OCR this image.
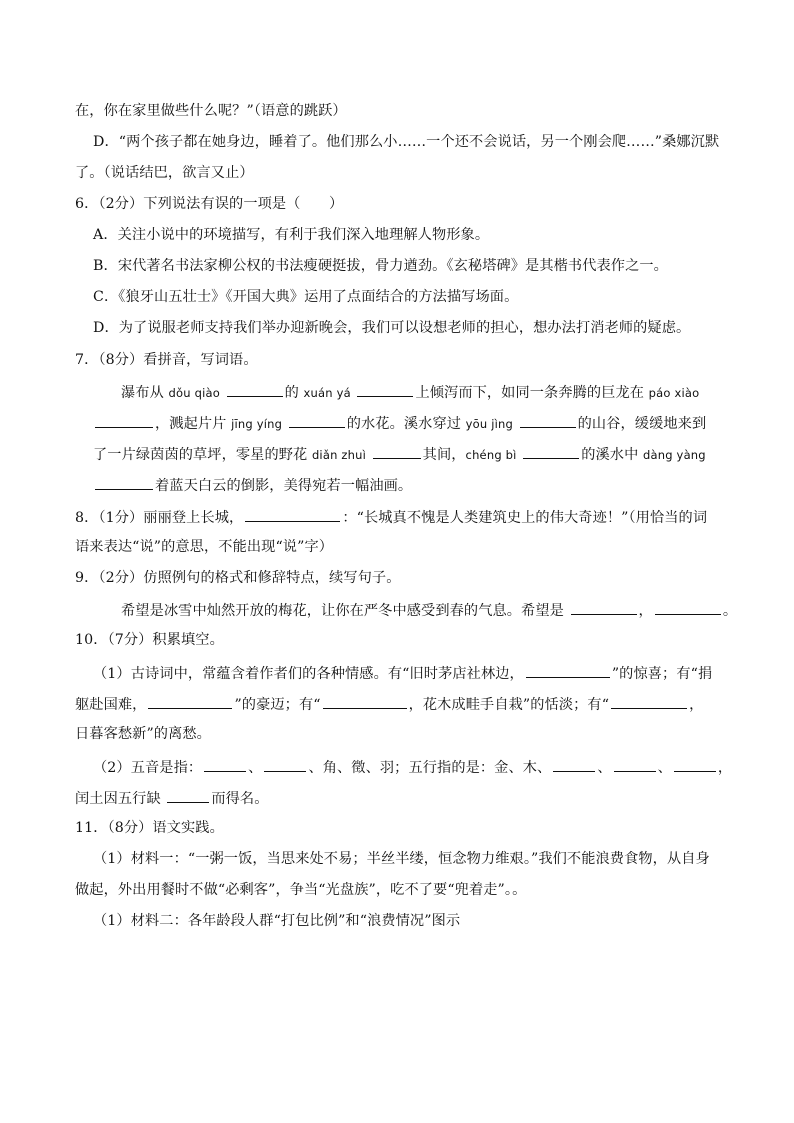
在，你在家里做些什么呢？”（语意的跳跃）
D．“两个孩子都在她身边，睡着了。他们那么小……一个还不会说话，另一个刚会爬……”桑娜沉默
了。（说话结巴，欲言又止）
6．（2分）下列说法有误的一项是（　　）
A．关注小说中的环境描写，有利于我们深入地理解人物形象。
B．宋代著名书法家柳公权的书法瘦硬挺拔，骨力遒劲。《玄秘塔碑》是其楷书代表作之一。
C．《狼牙山五壮士》《开国大典》运用了点面结合的方法描写场面。
D．为了说服老师支持我们举办迎新晚会，我们可以设想老师的担心，想办法打消老师的疑虑。
7．（8分）看拼音，写词语。
瀑布从 dǒu qiào	的 xuán yá	上倾泻而下，如同一条奔腾的巨龙在 páo xiào
，溅起片片 jīng yíng	的水花。溪水穿过 yōu jìng	的山谷，缓缓地来到
了一片绿茵茵的草坪，零星的野花 diǎn zhuì	其间，chéng bì	的溪水中 dàng yàng
着蓝天白云的倒影，美得宛若一幅油画。
8．（1分）丽丽登上长城，	：“长城真不愧是人类建筑史上的伟大奇迹！”（用恰当的词
语来表达“说”的意思，不能出现“说”字）
9．（2分）仿照例句的格式和修辞特点，续写句子。
希望是冰雪中灿然开放的梅花，让你在严冬中感受到春的气息。希望是	，	。
10．（7分）积累填空。
（1）古诗词中，常蕴含着作者们的各种情感。有“旧时茅店社林边，	”的惊喜；有“捐
躯赴国难，	”的豪迈；有“	，花木成畦手自栽”的恬淡；有“	，
日暮客愁新”的离愁。
（2）五音是指：	、	、角、徵、羽；五行指的是：金、木、	、	、	，
闰土因五行缺	而得名。
11．（8分）语文实践。
（1）材料一：“一粥一饭，当思来处不易；半丝半缕，恒念物力维艰。”我们不能浪费食物，从自身
做起，外出用餐时不做“必剩客”，争当“光盘族”，吃不了要“兜着走”。。
（1）材料二：各年龄段人群“打包比例”和“浪费情况”图示
